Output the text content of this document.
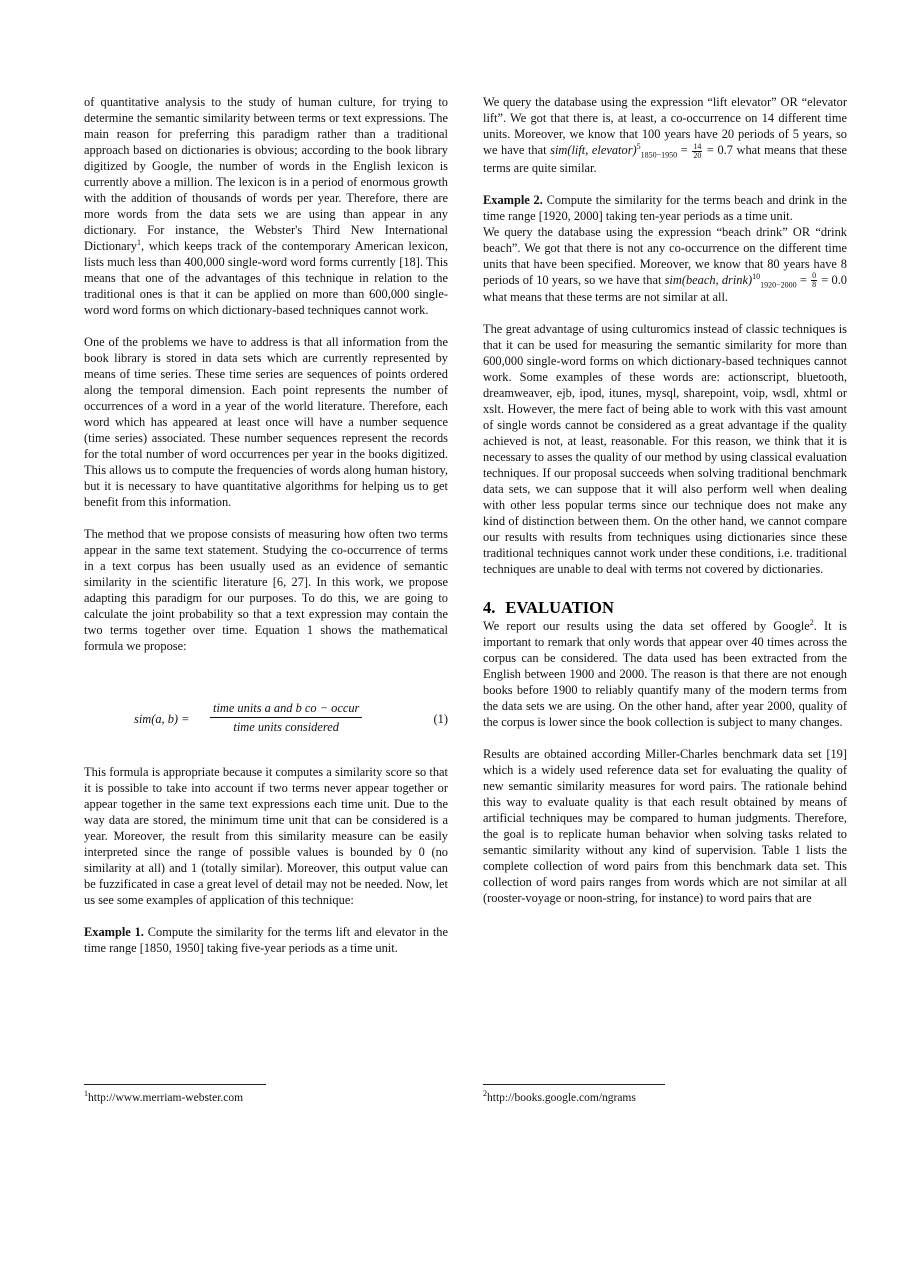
of quantitative analysis to the study of human culture, for trying to determine the semantic similarity between terms or text expressions. The main reason for preferring this paradigm rather than a traditional approach based on dictionaries is obvious; according to the book library digitized by Google, the number of words in the English lexicon is currently above a million. The lexicon is in a period of enormous growth with the addition of thousands of words per year. Therefore, there are more words from the data sets we are using than appear in any dictionary. For instance, the Webster's Third New International Dictionary$^1$, which keeps track of the contemporary American lexicon, lists much less than 400,000 single-word word forms currently [18]. This means that one of the advantages of this technique in relation to the traditional ones is that it can be applied on more than 600,000 single-word word forms on which dictionary-based techniques cannot work.

One of the problems we have to address is that all information from the book library is stored in data sets which are currently represented by means of time series. These time series are sequences of points ordered along the temporal dimension. Each point represents the number of occurrences of a word in a year of the world literature. Therefore, each word which has appeared at least once will have a number sequence (time series) associated. These number sequences represent the records for the total number of word occurrences per year in the books digitized. This allows us to compute the frequencies of words along human history, but it is necessary to have quantitative algorithms for helping us to get benefit from this information.

The method that we propose consists of measuring how often two terms appear in the same text statement. Studying the co-occurrence of terms in a text corpus has been usually used as an evidence of semantic similarity in the scientific literature [6, 27]. In this work, we propose adapting this paradigm for our purposes. To do this, we are going to calculate the joint probability so that a text expression may contain the two terms together over time. Equation 1 shows the mathematical formula we propose:

sim(a, b) =
time units a and b co − occur
time units considered
(1)

This formula is appropriate because it computes a similarity score so that it is possible to take into account if two terms never appear together or appear together in the same text expressions each time unit. Due to the way data are stored, the minimum time unit that can be considered is a year. Moreover, the result from this similarity measure can be easily interpreted since the range of possible values is bounded by 0 (no similarity at all) and 1 (totally similar). Moreover, this output value can be fuzzificated in case a great level of detail may not be needed. Now, let us see some examples of application of this technique:

Example 1. Compute the similarity for the terms lift and elevator in the time range [1850, 1950] taking five-year periods as a time unit.

We query the database using the expression “lift elevator” OR “elevator lift”. We got that there is, at least, a co-occurrence on 14 different time units. Moreover, we know that 100 years have 20 periods of 5 years, so we have that sim(lift, elevator)$^5_{1850-1950}$ = $\frac{14}{20} = 0.7$ what means that these terms are quite similar.

Example 2. Compute the similarity for the terms beach and drink in the time range [1920, 2000] taking ten-year periods as a time unit.

We query the database using the expression “beach drink” OR “drink beach”. We got that there is not any co-occurrence on the different time units that have been specified. Moreover, we know that 80 years have 8 periods of 10 years, so we have that sim(beach, drink)$^{10}_{1920-2000}$ = $\frac{0}{8} = 0.0$ what means that these terms are not similar at all.

The great advantage of using culturomics instead of classic techniques is that it can be used for measuring the semantic similarity for more than 600,000 single-word forms on which dictionary-based techniques cannot work. Some examples of these words are: actionscript, bluetooth, dreamweaver, ejb, ipod, itunes, mysql, sharepoint, voip, wsdl, xhtml or xslt. However, the mere fact of being able to work with this vast amount of single words cannot be considered as a great advantage if the quality achieved is not, at least, reasonable. For this reason, we think that it is necessary to asses the quality of our method by using classical evaluation techniques. If our proposal succeeds when solving traditional benchmark data sets, we can suppose that it will also perform well when dealing with other less popular terms since our technique does not make any kind of distinction between them. On the other hand, we cannot compare our results with results from techniques using dictionaries since these traditional techniques cannot work under these conditions, i.e. traditional techniques are unable to deal with terms not covered by dictionaries.

4. EVALUATION

We report our results using the data set offered by Google$^2$. It is important to remark that only words that appear over 40 times across the corpus can be considered. The data used has been extracted from the English between 1900 and 2000. The reason is that there are not enough books before 1900 to reliably quantify many of the modern terms from the data sets we are using. On the other hand, after year 2000, quality of the corpus is lower since the book collection is subject to many changes.

Results are obtained according Miller-Charles benchmark data set [19] which is a widely used reference data set for evaluating the quality of new semantic similarity measures for word pairs. The rationale behind this way to evaluate quality is that each result obtained by means of artificial techniques may be compared to human judgments. Therefore, the goal is to replicate human behavior when solving tasks related to semantic similarity without any kind of supervision. Table 1 lists the complete collection of word pairs from this benchmark data set. This collection of word pairs ranges from words which are not similar at all (rooster-voyage or noon-string, for instance) to word pairs that are

$^1$http://www.merriam-webster.com	$^2$http://books.google.com/ngrams
